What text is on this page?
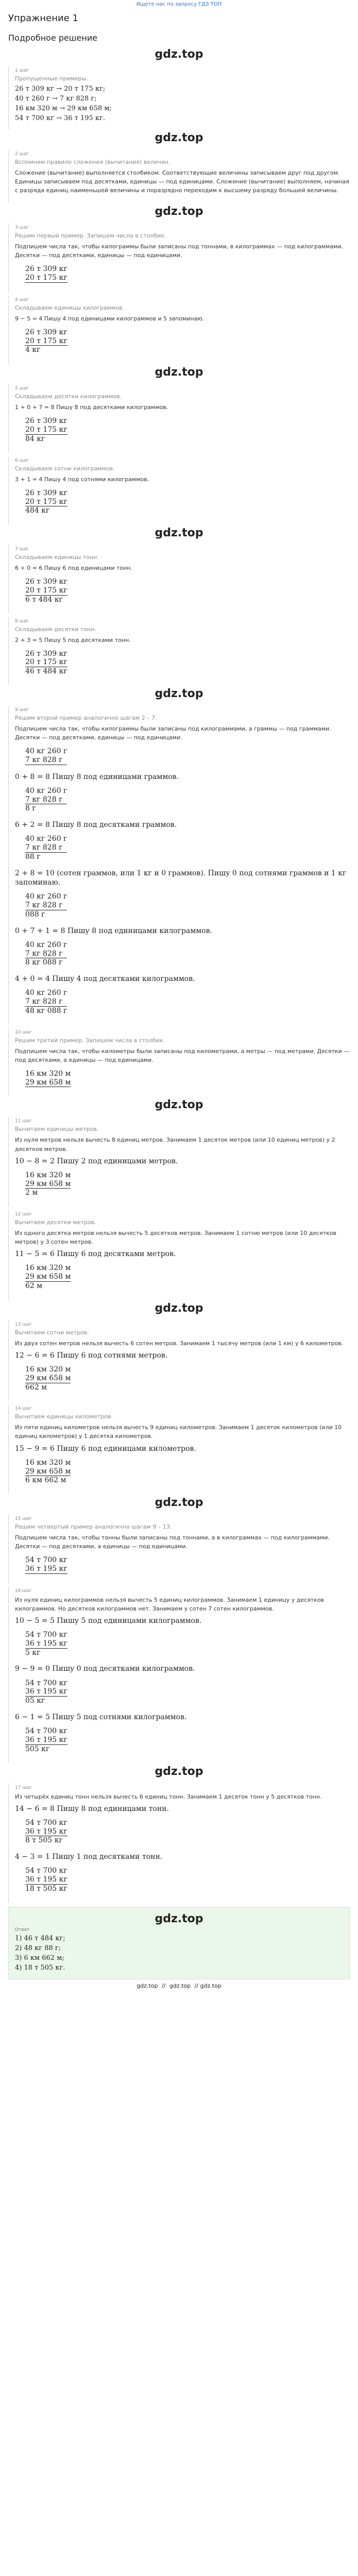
Ищете нас по запросу ГДЗ ТОП
Упражнение 1
Подробное решение
gdz.top
1 шаг
Пропущенные примеры.
26 т 309 кг → 20 т 175 кг;
40 т 260 г → 7 кг 828 г;
16 км 320 м → 29 км 658 м;
54 т 700 кг → 36 т 195 кг.
gdz.top
2 шаг
Вспомним правило сложения (вычитания) величин.
Сложение (вычитание) выполняется столбиком. Соответствующие величины записываем друг под другом. Единицы записываем под десятками, единицы — под единицами. Сложение (вычитание) выполняем, начиная с разряда единиц наименьшей величины и поразрядно переходим к высшему разряду большей величины.
gdz.top
3 шаг
Решим первый пример. Запишем числа в столбик.
Подпишем числа так, чтобы килограммы были записаны под тоннами, в килограммах — под килограммами. Десятки — под десятками, единицы — под единицами.
26 т 309 кг
20 т 175 кг
4 шаг
Складываем единицы килограммов.
9 − 5 = 4 Пишу 4 под единицами килограммов и 5 запоминаю.
26 т 309 кг
20 т 175 кг
4 кг
gdz.top
5 шаг
Складываем десятки килограммов.
1 + 0 + 7 = 8 Пишу 8 под десятками килограммов.
26 т 309 кг
20 т 175 кг
84 кг
6 шаг
Складываем сотни килограммов.
3 + 1 = 4 Пишу 4 под сотнями килограммов.
26 т 309 кг
20 т 175 кг
484 кг
gdz.top
7 шаг
Складываем единицы тонн.
6 + 0 = 6 Пишу 6 под единицами тонн.
26 т 309 кг
20 т 175 кг
6 т 484 кг
8 шаг
Складываем десятки тонн.
2 + 3 = 5 Пишу 5 под десятками тонн.
26 т 309 кг
20 т 175 кг
46 т 484 кг
gdz.top
9 шаг
Решим второй пример аналогично шагам 2 – 7.
Подпишем числа так, чтобы килограммы были записаны под килограммами, а граммы — под граммами. Десятки — под десятками, единицы — под единицами.
40 кг 260 г
7 кг 828 г
0 + 8 = 8 Пишу 8 под единицами граммов.
40 кг 260 г
7 кг 828 г
8 г
6 + 2 = 8 Пишу 8 под десятками граммов.
40 кг 260 г
7 кг 828 г
88 г
2 + 8 = 10 (сотен граммов, или 1 кг и 0 граммов). Пишу 0 под сотнями граммов и 1 кг запоминаю.
40 кг 260 г
7 кг 828 г
088 г
0 + 7 + 1 = 8 Пишу 8 под единицами килограммов.
40 кг 260 г
7 кг 828 г
8 кг 088 г
4 + 0 = 4 Пишу 4 под десятками килограммов.
40 кг 260 г
7 кг 828 г
48 кг 088 г
10 шаг
Решим третий пример. Запишем числа в столбик.
Подпишем числа так, чтобы километры были записаны под километрами, а метры — под метрами. Десятки — под десятками, а единицы — под единицами.
16 км 320 м
29 км 658 м
gdz.top
11 шаг
Вычитаем единицы метров.
Из нуля метров нельзя вычесть 8 единиц метров. Занимаем 1 десяток метров (или 10 единиц метров) у 2 десятков метров.
10 − 8 = 2 Пишу 2 под единицами метров.
16 км 320 м
29 км 658 м
2 м
12 шаг
Вычитаем десятки метров.
Из одного десятка метров нельзя вычесть 5 десятков метров. Занимаем 1 сотню метров (или 10 десятков метров) у 3 сотен метров.
11 − 5 = 6 Пишу 6 под десятками метров.
16 км 320 м
29 км 658 м
62 м
gdz.top
13 шаг
Вычитаем сотни метров.
Из двух сотен метров нельзя вычесть 6 сотен метров. Занимаем 1 тысячу метров (или 1 км) у 6 километров.
12 − 6 = 6 Пишу 6 под сотнями метров.
16 км 320 м
29 км 658 м
662 м
14 шаг
Вычитаем единицы километров.
Из пяти единиц километров нельзя вычесть 9 единиц километров. Занимаем 1 десяток километров (или 10 единиц километров) у 1 десятка километров.
15 − 9 = 6 Пишу 6 под единицами километров.
16 км 320 м
29 км 658 м
6 км 662 м
gdz.top
15 шаг
Решим четвертый пример аналогично шагам 9 – 13.
Подпишем числа так, чтобы тонны были записаны под тоннами, а в килограммах — под килограммами. Десятки — под десятками, а единицы — под единицами.
54 т 700 кг
36 т 195 кг
16 шаг
Из нуля единиц килограммов нельзя вычесть 5 единиц килограммов. Занимаем 1 единицу у десятков килограммов. Но десятков килограммов нет. Занимаем у сотен 7 сотен килограммов.
10 − 5 = 5 Пишу 5 под единицами килограммов.
54 т 700 кг
36 т 195 кг
5 кг
9 − 9 = 0 Пишу 0 под десятками килограммов.
54 т 700 кг
36 т 195 кг
05 кг
6 − 1 = 5 Пишу 5 под сотнями килограммов.
54 т 700 кг
36 т 195 кг
505 кг
gdz.top
17 шаг
Из четырёх единиц тонн нельзя вычесть 6 единиц тонн. Занимаем 1 десяток тонн у 5 десятков тонн.
14 − 6 = 8 Пишу 8 под единицами тонн.
54 т 700 кг
36 т 195 кг
8 т 505 кг
4 − 3 = 1 Пишу 1 под десятками тонн.
54 т 700 кг
36 т 195 кг
18 т 505 кг
gdz.top
Ответ
1) 46 т 484 кг;
2) 48 кг 88 г;
3) 6 км 662 м;
4) 18 т 505 кг.
gdz.top // gdz.top // gdz.top
